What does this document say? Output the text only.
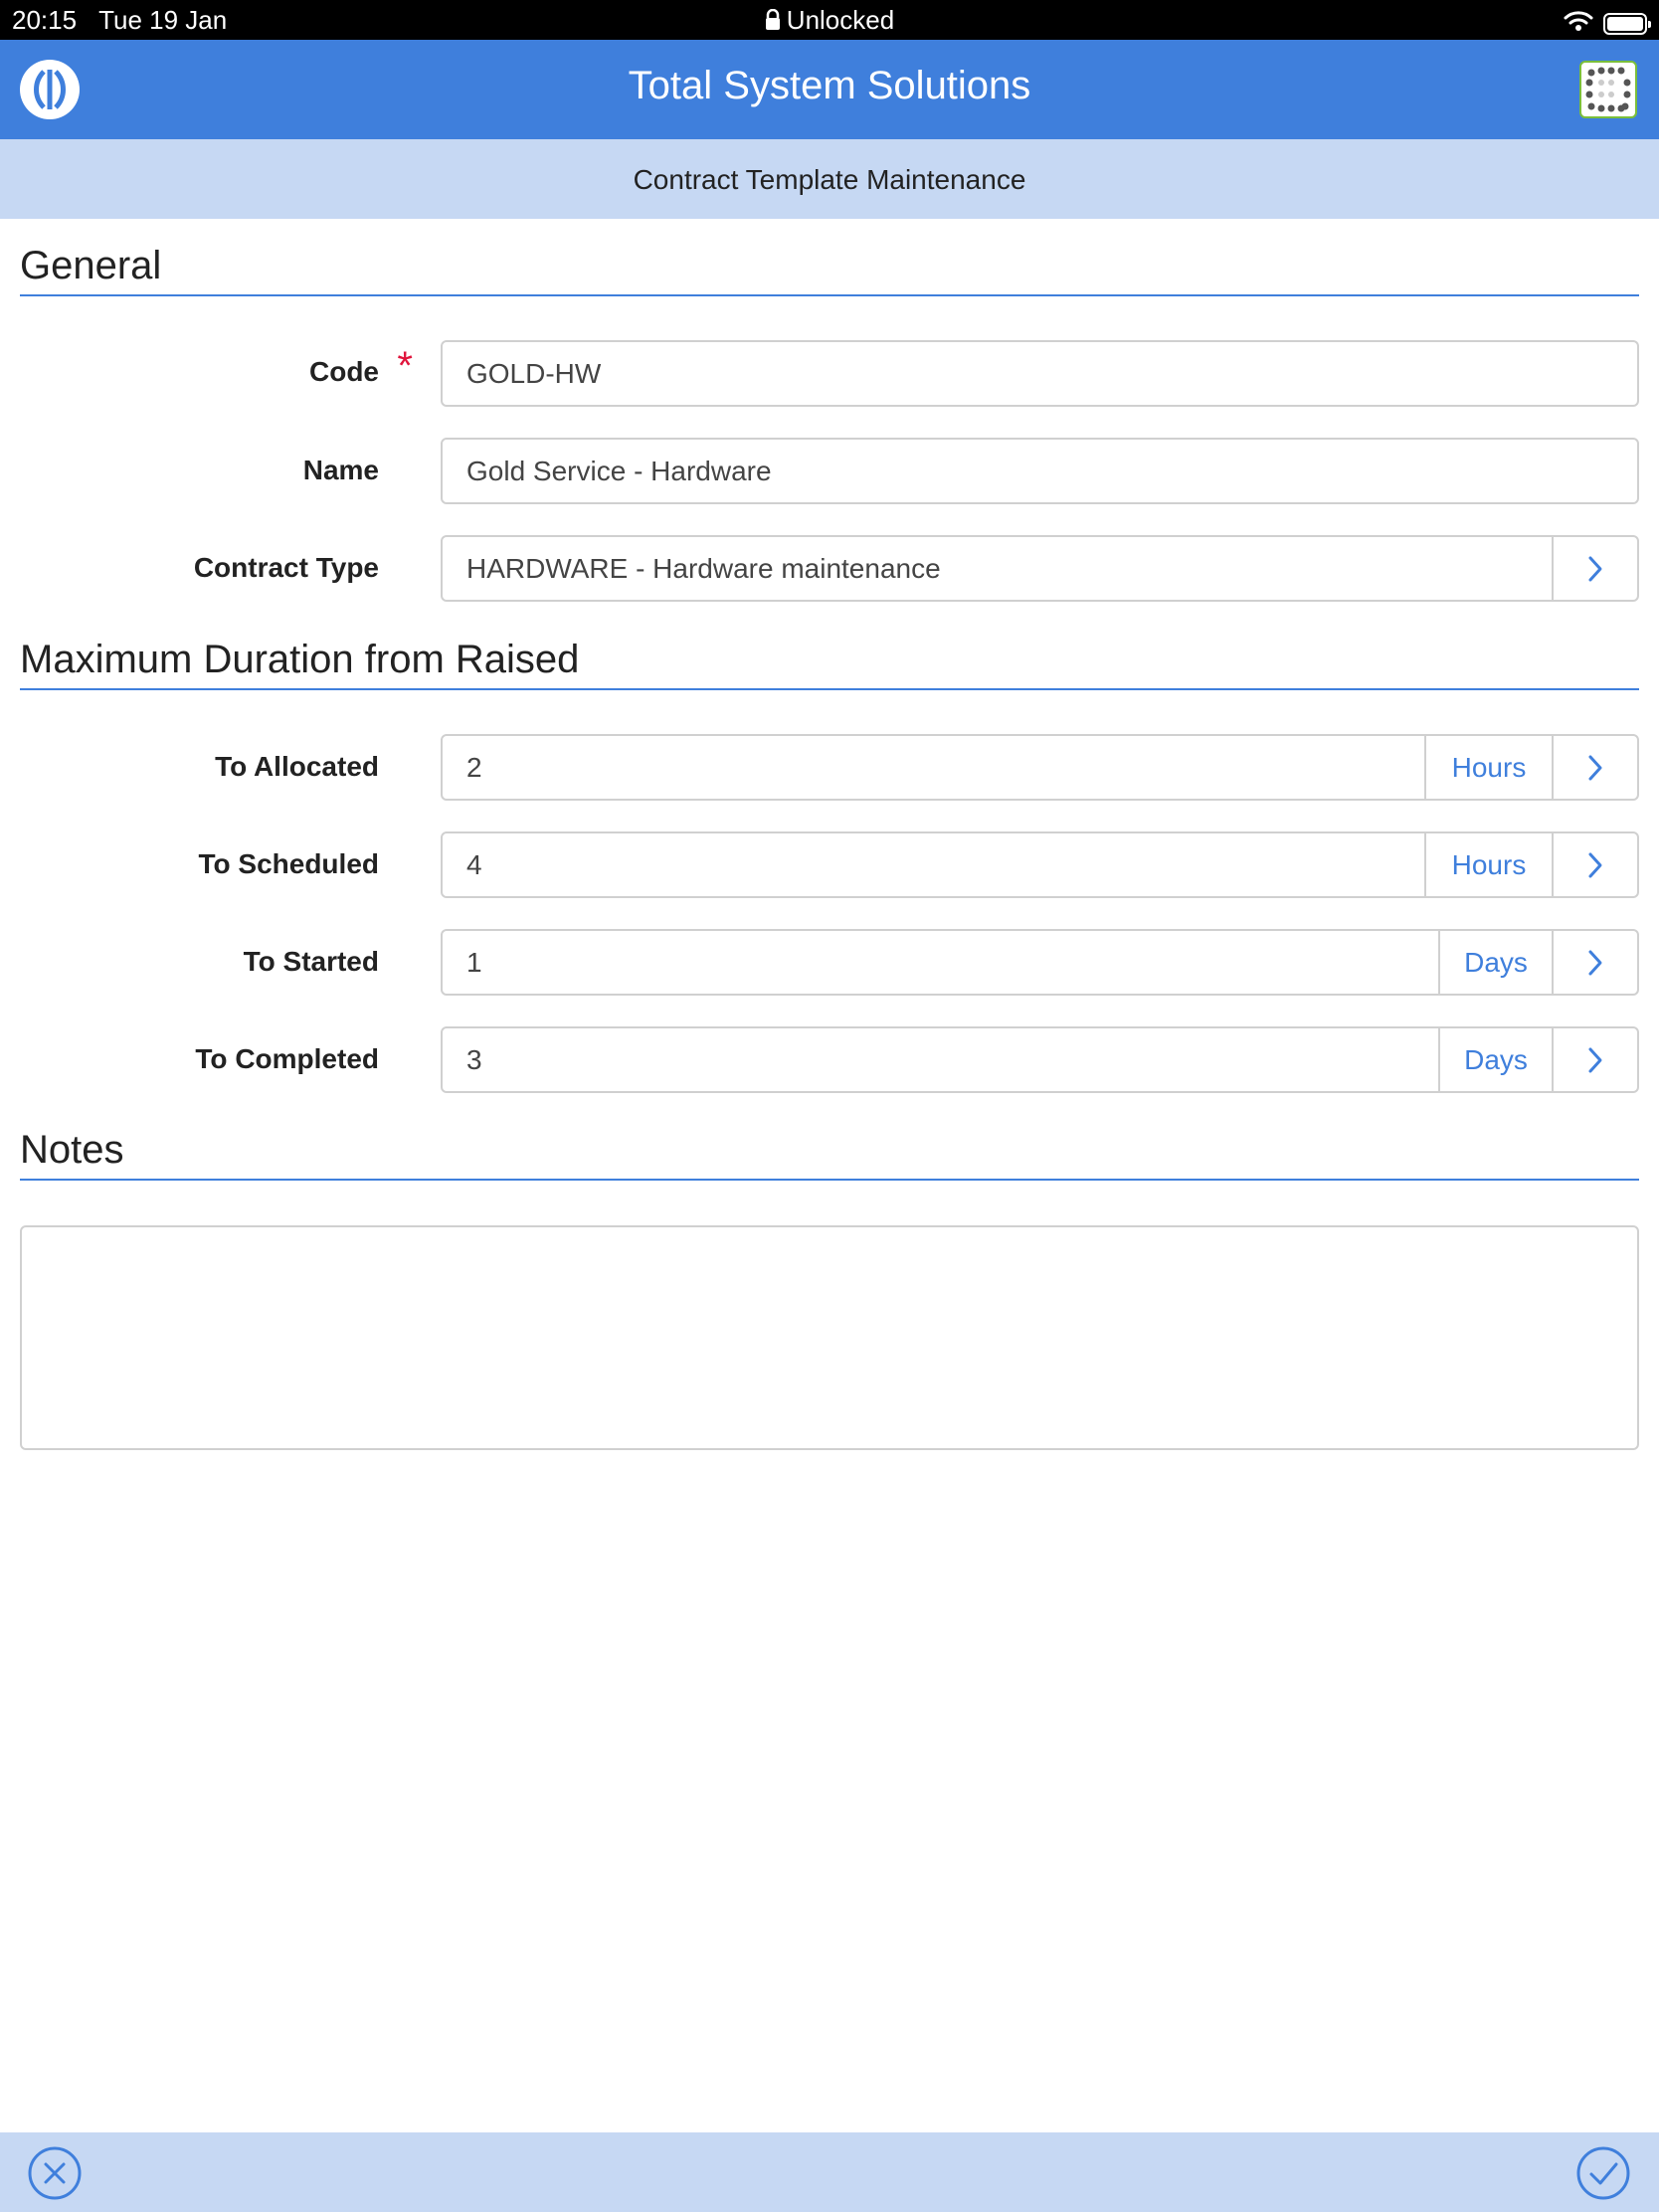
20:15 Tue 19 Jan	Unlocked
Total System Solutions
Contract Template Maintenance
General
Code *	GOLD-HW
Name	Gold Service - Hardware
Contract Type	HARDWARE - Hardware maintenance
Maximum Duration from Raised
To Allocated	2	Hours
To Scheduled	4	Hours
To Started	1	Days
To Completed	3	Days
Notes
